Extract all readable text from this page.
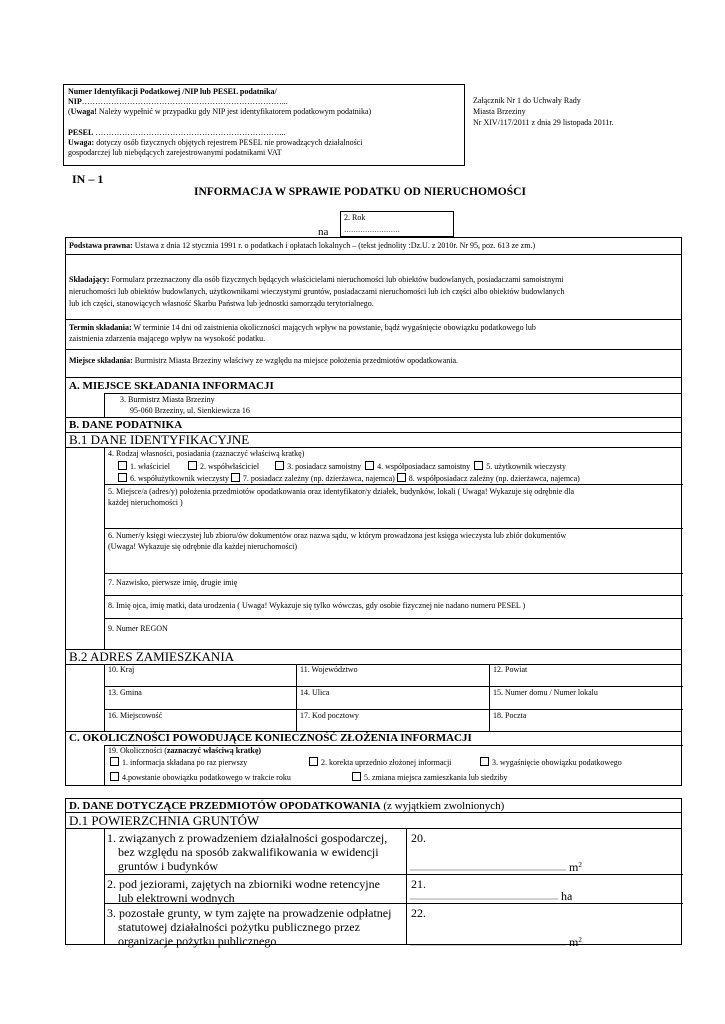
Numer Identyfikacji Podatkowej /NIP lub PESEL podatnika/
NIP…………………………………………………………………...
(Uwaga! Należy wypełnić w przypadku gdy NIP jest identyfikatorem podatkowym podatnika)
PESEL ……………………………………………………………...
Uwaga: dotyczy osób fizycznych objętych rejestrem PESEL nie prowadzących działalności
gospodarczej lub niebędących zarejestrowanymi podatnikami VAT
Załącznik Nr 1 do Uchwały Rady
Miasta Brzeziny
Nr XIV/117/2011 z dnia 29 listopada 2011r.
IN – 1
INFORMACJA W SPRAWIE PODATKU OD NIERUCHOMOŚCI
2. Rok
……………………
na
Podstawa prawna: Ustawa z dnia 12 stycznia 1991 r. o podatkach i opłatach lokalnych – (tekst jednolity :Dz.U. z 2010r. Nr 95, poz. 613 ze zm.)
Składający: Formularz przeznaczony dla osób fizycznych będących właścicielami nieruchomości lub obiektów budowlanych, posiadaczami samoistnymi
nieruchomości lub obiektów budowlanych, użytkownikami wieczystymi gruntów, posiadaczami nieruchomości lub ich części albo obiektów budowlanych
lub ich części, stanowiących własność Skarbu Państwa lub jednostki samorządu terytorialnego.
Termin składania: W terminie 14 dni od zaistnienia okoliczności mających wpływ na powstanie, bądź wygaśnięcie obowiązku podatkowego lub
zaistnienia zdarzenia mającego wpływ na wysokość podatku.
Miejsce składania: Burmistrz Miasta Brzeziny właściwy ze względu na miejsce położenia przedmiotów opodatkowania.
A. MIEJSCE SKŁADANIA INFORMACJI
3. Burmistrz Miasta Brzeziny
95-060 Brzeziny, ul. Sienkiewicza 16
B. DANE PODATNIKA
B.1 DANE IDENTYFIKACYJNE
4. Rodzaj własności, posiadania (zaznaczyć właściwą kratkę)
1. właściciel	2. współwłaściciel	3. posiadacz samoistny 4. współposiadacz samoistny 5. użytkownik wieczysty
6. współużytkownik wieczysty 7. posiadacz zależny (np. dzierżawca, najemca) 8. współposiadacz zależny (np. dzierżawca, najemca)
5. Miejsce/a (adres/y) położenia przedmiotów opodatkowania oraz identyfikator/y działek, budynków, lokali ( Uwaga! Wykazuje się odrębnie dla
każdej nieruchomości )
6. Numer/y księgi wieczystej lub zbioru/ów dokumentów oraz nazwa sądu, w którym prowadzona jest księga wieczysta lub zbiór dokumentów
(Uwaga! Wykazuje się odrębnie dla każdej nieruchomości)
7. Nazwisko, pierwsze imię, drugie imię
8. Imię ojca, imię matki, data urodzenia ( Uwaga! Wykazuje się tylko wówczas, gdy osobie fizycznej nie nadano numeru PESEL )
9. Numer REGON
B.2 ADRES ZAMIESZKANIA
10. Kraj	11. Województwo	12. Powiat
13. Gmina	14. Ulica	15. Numer domu / Numer lokalu
16. Miejscowość	17. Kod pocztowy	18. Poczta
C. OKOLICZNOŚCI POWODUJĄCE KONIECZNOŚĆ ZŁOŻENIA INFORMACJI
19. Okoliczności (zaznaczyć właściwą kratkę)
1. informacja składana po raz pierwszy	2. korekta uprzednio złożonej informacji	3. wygaśnięcie obowiązku podatkowego
4.powstanie obowiązku podatkowego w trakcie roku	5. zmiana miejsca zamieszkania lub siedziby
D. DANE DOTYCZĄCE PRZEDMIOTÓW OPODATKOWANIA (z wyjątkiem zwolnionych)
D.1 POWIERZCHNIA GRUNTÓW
1. związanych z prowadzeniem działalności gospodarczej,
bez względu na sposób zakwalifikowania w ewidencji
gruntów i budynków
20.
.............................................................................. $m^2$
2. pod jeziorami, zajętych na zbiorniki wodne retencyjne
lub elektrowni wodnych
21.
.......................................................................... ha
3. pozostałe grunty, w tym zajęte na prowadzenie odpłatnej
statutowej działalności pożytku publicznego przez
organizacje pożytku publicznego
22.
.............................................................................. $m^2$
